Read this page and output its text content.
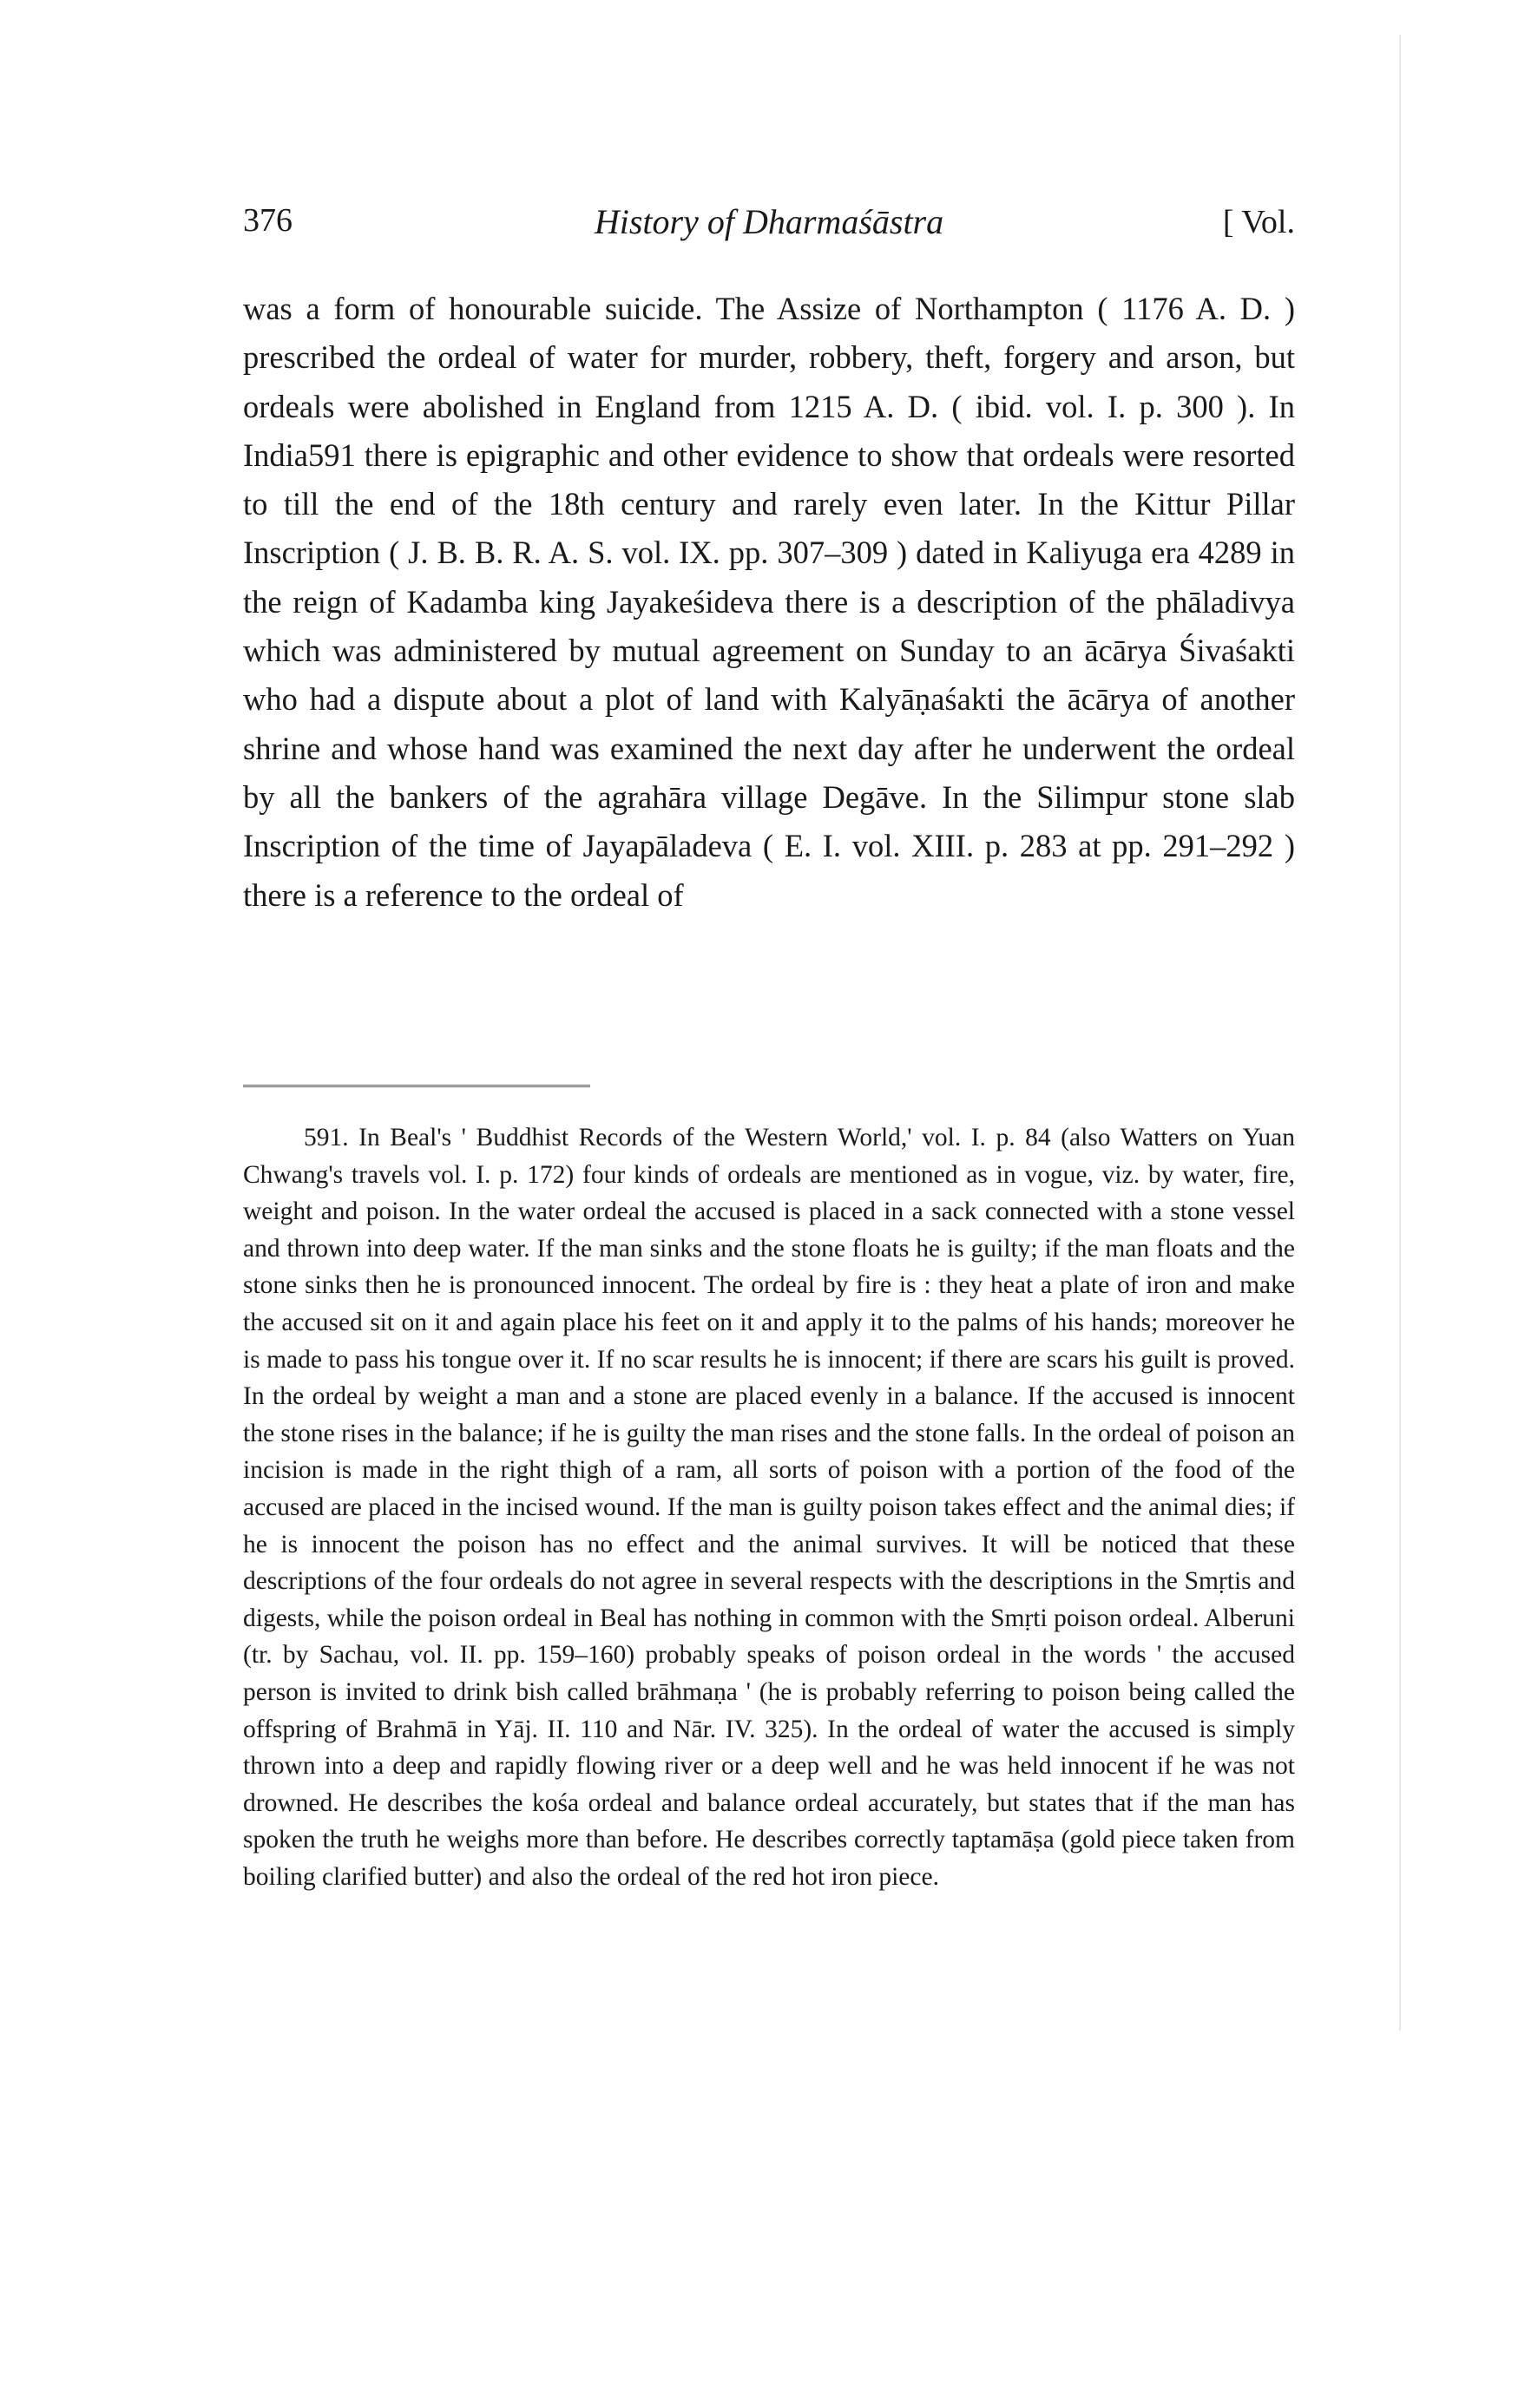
376	History of Dharmaśāstra	[ Vol.

was a form of honourable suicide. The Assize of Northampton ( 1176 A. D. ) prescribed the ordeal of water for murder, robbery, theft, forgery and arson, but ordeals were abolished in England from 1215 A. D. ( ibid. vol. I. p. 300 ). In India591 there is epigraphic and other evidence to show that ordeals were resorted to till the end of the 18th century and rarely even later. In the Kittur Pillar Inscription ( J. B. B. R. A. S. vol. IX. pp. 307–309 ) dated in Kaliyuga era 4289 in the reign of Kadamba king Jayakeśideva there is a description of the phāladivya which was administered by mutual agreement on Sunday to an ācārya Śivaśakti who had a dispute about a plot of land with Kalyāṇaśakti the ācārya of another shrine and whose hand was examined the next day after he underwent the ordeal by all the bankers of the agrahāra village Degāve. In the Silimpur stone slab Inscription of the time of Jayapāladeva ( E. I. vol. XIII. p. 283 at pp. 291–292 ) there is a reference to the ordeal of

591. In Beal's ' Buddhist Records of the Western World,' vol. I. p. 84 (also Watters on Yuan Chwang's travels vol. I. p. 172) four kinds of ordeals are mentioned as in vogue, viz. by water, fire, weight and poison. In the water ordeal the accused is placed in a sack connected with a stone vessel and thrown into deep water. If the man sinks and the stone floats he is guilty; if the man floats and the stone sinks then he is pronounced innocent. The ordeal by fire is : they heat a plate of iron and make the accused sit on it and again place his feet on it and apply it to the palms of his hands; moreover he is made to pass his tongue over it. If no scar results he is innocent; if there are scars his guilt is proved. In the ordeal by weight a man and a stone are placed evenly in a balance. If the accused is innocent the stone rises in the balance; if he is guilty the man rises and the stone falls. In the ordeal of poison an incision is made in the right thigh of a ram, all sorts of poison with a portion of the food of the accused are placed in the incised wound. If the man is guilty poison takes effect and the animal dies; if he is innocent the poison has no effect and the animal survives. It will be noticed that these descriptions of the four ordeals do not agree in several respects with the descriptions in the Smṛtis and digests, while the poison ordeal in Beal has nothing in common with the Smṛti poison ordeal. Alberuni (tr. by Sachau, vol. II. pp. 159–160) probably speaks of poison ordeal in the words ' the accused person is invited to drink bish called brāhmaṇa ' (he is probably referring to poison being called the offspring of Brahmā in Yāj. II. 110 and Nār. IV. 325). In the ordeal of water the accused is simply thrown into a deep and rapidly flowing river or a deep well and he was held innocent if he was not drowned. He describes the kośa ordeal and balance ordeal accurately, but states that if the man has spoken the truth he weighs more than before. He describes correctly taptamāṣa (gold piece taken from boiling clarified butter) and also the ordeal of the red hot iron piece.
